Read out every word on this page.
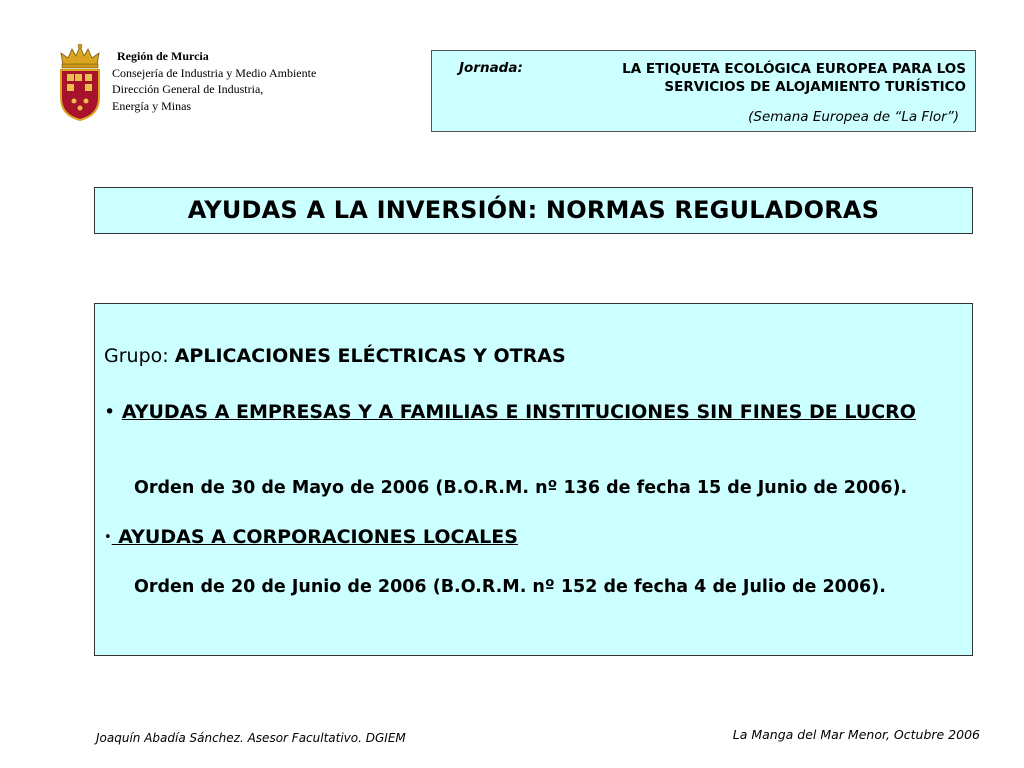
Región de Murcia
Consejería de Industria y Medio Ambiente
Dirección General de Industria,
Energía y Minas
Jornada:	LA ETIQUETA ECOLÓGICA EUROPEA PARA LOS
SERVICIOS DE ALOJAMIENTO TURÍSTICO
(Semana Europea de “La Flor”)
AYUDAS A LA INVERSIÓN: NORMAS REGULADORAS
Grupo: APLICACIONES ELÉCTRICAS Y OTRAS
• AYUDAS A EMPRESAS Y A FAMILIAS E INSTITUCIONES SIN FINES DE LUCRO
Orden de 30 de Mayo de 2006 (B.O.R.M. nº 136 de fecha 15 de Junio de 2006).
• AYUDAS A CORPORACIONES LOCALES
Orden de 20 de Junio de 2006 (B.O.R.M. nº 152 de fecha 4 de Julio de 2006).
Joaquín Abadía Sánchez. Asesor Facultativo. DGIEM	La Manga del Mar Menor, Octubre 2006
